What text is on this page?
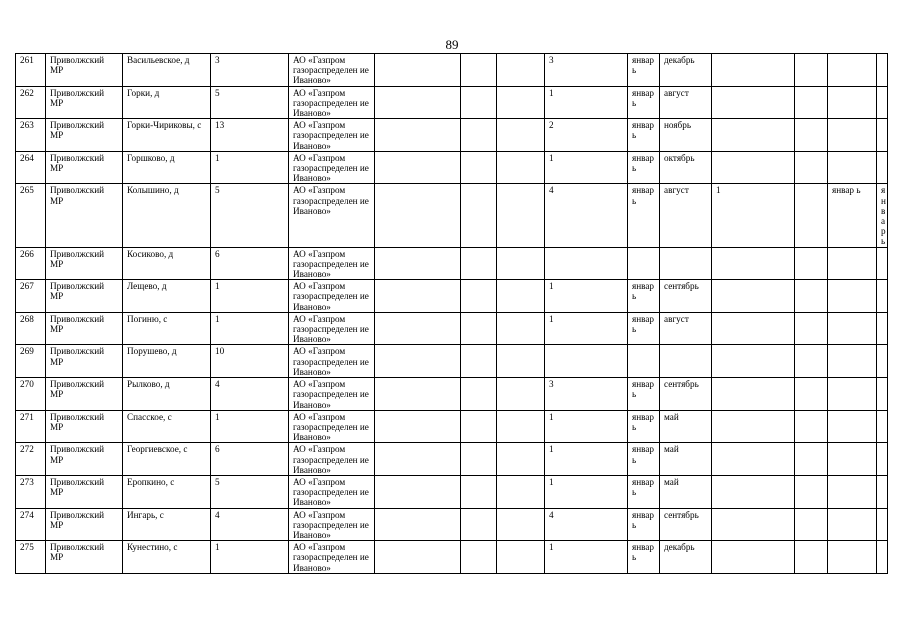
89
261	Приволжский МР	Васильевское, д	3	АО «Газпром газораспределен ие Иваново»				3	январ ь	декабрь				
262	Приволжский МР	Горки, д	5	АО «Газпром газораспределен ие Иваново»				1	январ ь	август				
263	Приволжский МР	Горки-Чириковы, с	13	АО «Газпром газораспределен ие Иваново»				2	январ ь	ноябрь				
264	Приволжский МР	Горшково, д	1	АО «Газпром газораспределен ие Иваново»				1	январ ь	октябрь				
265	Приволжский МР	Колышино, д	5	АО «Газпром газораспределен ие Иваново»				4	январ ь	август	1		январ ь	январь
266	Приволжский МР	Косиково, д	6	АО «Газпром газораспределен ие Иваново»										
267	Приволжский МР	Лещево, д	1	АО «Газпром газораспределен ие Иваново»				1	январ ь	сентябрь				
268	Приволжский МР	Погиню, с	1	АО «Газпром газораспределен ие Иваново»				1	январ ь	август				
269	Приволжский МР	Порушево, д	10	АО «Газпром газораспределен ие Иваново»										
270	Приволжский МР	Рылково, д	4	АО «Газпром газораспределен ие Иваново»				3	январ ь	сентябрь				
271	Приволжский МР	Спасское, с	1	АО «Газпром газораспределен ие Иваново»				1	январ ь	май				
272	Приволжский МР	Георгиевское, с	6	АО «Газпром газораспределен ие Иваново»				1	январ ь	май				
273	Приволжский МР	Еропкино, с	5	АО «Газпром газораспределен ие Иваново»				1	январ ь	май				
274	Приволжский МР	Ингарь, с	4	АО «Газпром газораспределен ие Иваново»				4	январ ь	сентябрь				
275	Приволжский МР	Кунестино, с	1	АО «Газпром газораспределен ие Иваново»				1	январ ь	декабрь				
